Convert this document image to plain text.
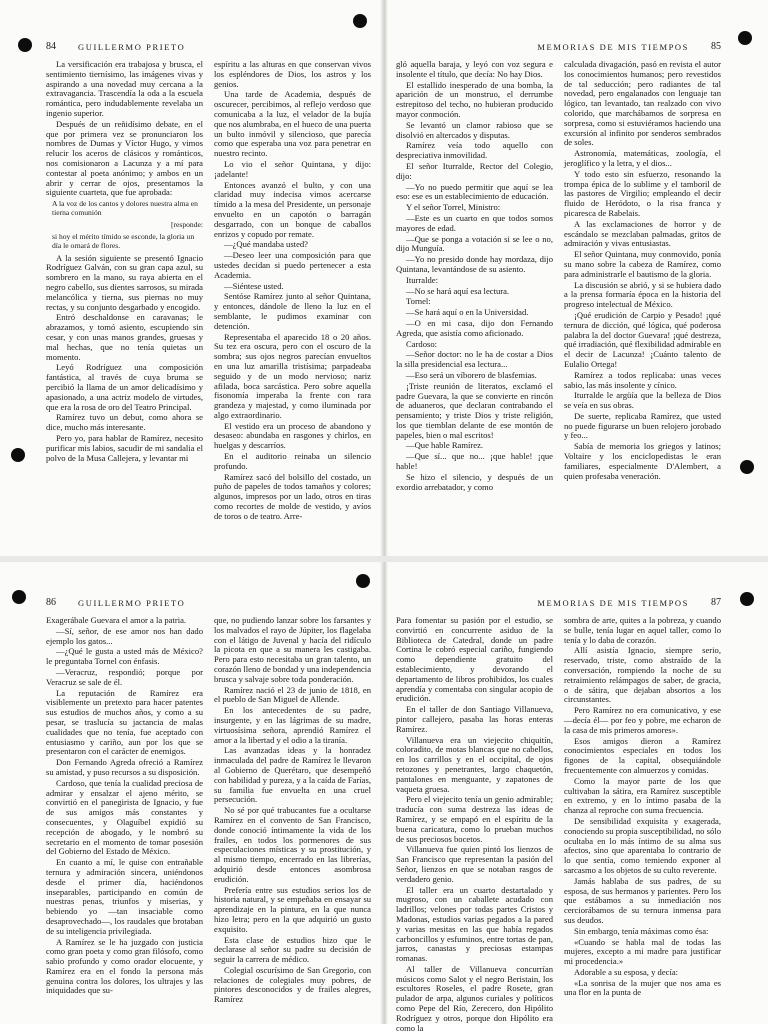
84	GUILLERMO PRIETO

La versificación era trabajosa y brusca, el sentimiento tiernísimo, las imágenes vivas y aspirando a una novedad muy cercana a la extravagancia. Trascendía la oda a la escuela romántica, pero indudablemente revelaba un ingenio superior.

Después de un reñidísimo debate, en el que por primera vez se pronunciaron los nombres de Dumas y Víctor Hugo, y vimos relucir los aceros de clásicos y románticos, nos comisionaron a Lacunza y a mí para contestar al poeta anónimo; y ambos en un abrir y cerrar de ojos, presentamos la siguiente cuarteta, que fue aprobada:

A la voz de los cantos y dolores nuestra alma en tierna comunión

[responde:

si hoy el mérito tímido se esconde, la gloria un día le ornará de flores.

A la sesión siguiente se presentó Ignacio Rodríguez Galván, con su gran capa azul, su sombrero en la mano, su raya abierta en el negro cabello, sus dientes sarrosos, su mirada melancólica y tierna, sus piernas no muy rectas, y su conjunto desgarbado y encogido.

Entró deschaldonse en caravanas; le abrazamos, y tomó asiento, escupiendo sin cesar, y con unas manos grandes, gruesas y mal hechas, que no tenía quietas un momento.

Leyó Rodríguez una composición fantástica, al través de cuya bruma se percibió la llama de un amor delicadísimo y apasionado, a una actriz modelo de virtudes, que era la rosa de oro del Teatro Principal.

Ramírez tuvo un debut, como ahora se dice, mucho más interesante.

Pero yo, para hablar de Ramírez, necesito purificar mis labios, sacudir de mi sandalia el polvo de la Musa Callejera, y levantar mi

espíritu a las alturas en que conservan vivos los espléndores de Dios, los astros y los genios.

Una tarde de Academia, después de oscurecer, percibimos, al reflejo verdoso que comunicaba a la luz, el velador de la bujía que nos alumbraba, en el hueco de una puerta un bulto inmóvil y silencioso, que parecía como que esperaba una voz para penetrar en nuestro recinto.

Lo vio el señor Quintana, y dijo: ¡adelante!

Entonces avanzó el bulto, y con una claridad muy indecisa vimos acercarse tímido a la mesa del Presidente, un personaje envuelto en un capotón o barragán desgarrado, con un bonque de caballos enrizos y copudo por remate.

—¿Qué mandaba usted?

—Deseo leer una composición para que ustedes decidan si puedo pertenecer a esta Academia.

—Siéntese usted.

Sentóse Ramírez junto al señor Quintana, y entonces, dándole de lleno la luz en el semblante, le pudimos examinar con detención.

Representaba el aparecido 18 o 20 años. Su tez era oscura, pero con el oscuro de la sombra; sus ojos negros parecían envueltos en una luz amarilla tristísima; parpadeaba seguido y de un modo nervioso; nariz afilada, boca sarcástica. Pero sobre aquella fisonomía imperaba la frente con rara grandeza y majestad, y como iluminada por algo extraordinario.

El vestido era un proceso de abandono y desaseo: abundaba en rasgones y chirlos, en huelgas y descarríos.

En el auditorio reinaba un silencio profundo.

Ramírez sacó del bolsillo del costado, un puño de papeles de todos tamaños y colores; algunos, impresos por un lado, otros en tiras como recortes de molde de vestido, y avíos de toros o de teatro. Arre-

MEMORIAS DE MIS TIEMPOS 85

gló aquella baraja, y leyó con voz segura e insolente el título, que decía: No hay Dios.

El estallido inesperado de una bomba, la aparición de un monstruo, el derrumbe estrepitoso del techo, no hubieran producido mayor conmoción.

Se levantó un clamor rabioso que se disolvió en altercados y disputas.

Ramírez veía todo aquello con despreciativa inmovilidad.

El señor Iturralde, Rector del Colegio, dijo:

—Yo no puedo permitir que aquí se lea eso: ese es un establecimiento de educación.

Y el señor Torrel, Ministro:

—Este es un cuarto en que todos somos mayores de edad.

—Que se ponga a votación si se lee o no, dijo Munguía.

—Yo no presido donde hay mordaza, dijo Quintana, levantándose de su asiento.

Iturralde:

—No se hará aquí esa lectura.

Tornel:

—Se hará aquí o en la Universidad.

—O en mi casa, dijo don Fernando Agreda, que asistía como aficionado.

Cardoso:

—Señor doctor: no le ha de costar a Dios la silla presidencial esa lectura...

—Eso será un víborero de blasfemias.

¡Triste reunión de literatos, exclamó el padre Guevara, la que se convierte en rincón de aduaneros, que declaran contrabando el pensamiento; y triste Dios y triste religión, los que tiemblan delante de ese montón de papeles, bien o mal escritos!

—Que hable Ramírez.

—Que sí... que no... ¡que hable! ¡que hable!

Se hizo el silencio, y después de un exordio arrebatador, y como

calculada divagación, pasó en revista el autor los conocimientos humanos; pero revestidos de tal seducción; pero radiantes de tal novedad, pero engalanados con lenguaje tan lógico, tan levantado, tan realzado con vivo colorido, que marchábamos de sorpresa en sorpresa, como si estuviéramos haciendo una excursión al infinito por senderos sembrados de soles.

Astronomía, matemáticas, zoología, el jeroglífico y la letra, y el dios...

Y todo esto sin esfuerzo, resonando la trompa épica de lo sublime y el tamboril de las pastores de Virgilio; empleando el decir fluido de Heródoto, o la risa franca y picaresca de Rabelais.

A las exclamaciones de horror y de escándalo se mezclaban palmadas, gritos de admiración y vivas entusiastas.

El señor Quintana, muy conmovido, ponía su mano sobre la cabeza de Ramírez, como para administrarle el bautismo de la gloria.

La discusión se abrió, y si se hubiera dado a la prensa formaría época en la historia del progreso intelectual de México.

¡Qué erudición de Carpio y Pesado! ¡qué ternura de dicción, qué lógica, qué poderosa palabra la del doctor Guevara! ¡qué destreza, qué irradiación, qué flexibilidad admirable en el decir de Lacunza! ¡Cuánto talento de Eulalio Ortega!

Ramírez a todos replicaba: unas veces sabio, las más insolente y cínico.

Iturralde le argüía que la belleza de Dios se veía en sus obras.

De suerte, replicaba Ramírez, que usted no puede figurarse un buen relojero jorobado y feo...

Sabía de memoria los griegos y latinos; Voltaire y los enciclopedistas le eran familiares, especialmente D'Alembert, a quien profesaba veneración.

86	GUILLERMO PRIETO

Exagerábale Guevara el amor a la patria.

—Sí, señor, de ese amor nos han dado ejemplo los gatos...

—¿Qué le gusta a usted más de México? le preguntaba Tornel con énfasis.

—Veracruz, respondió; porque por Veracruz se sale de él.

La reputación de Ramírez era visiblemente un pretexto para hacer patentes sus estudios de muchos años, y como a su pesar, se traslucía su jactancia de malas cualidades que no tenía, fue aceptado con entusiasmo y cariño, aun por los que se presentaron con el carácter de enemigos.

Don Fernando Agreda ofreció a Ramírez su amistad, y puso recursos a su disposición.

Cardoso, que tenía la cualidad preciosa de admirar y ensalzar el ajeno mérito, se convirtió en el panegirista de Ignacio, y fue de sus amigos más constantes y consecuentes, y Olaguíbel expidió su recepción de abogado, y le nombró su secretario en el momento de tomar posesión del Gobierno del Estado de México.

En cuanto a mí, le quise con entrañable ternura y admiración sincera, uniéndonos desde el primer día, haciéndonos inseparables, participando en común de nuestras penas, triunfos y miserias, y bebiendo yo —tan insaciable como desaprovechado—, los raudales que brotaban de su inteligencia privilegiada.

A Ramírez se le ha juzgado con justicia como gran poeta y como gran filósofo, como sabio profundo y como orador elocuente, y Ramírez era en el fondo la persona más genuina contra los dolores, los ultrajes y las iniquidades que su-

que, no pudiendo lanzar sobre los farsantes y los malvados el rayo de Júpiter, los flagelaba con el látigo de Juvenal y hacía del ridículo la picota en que a su manera les castigaba. Pero para esto necesitaba un gran talento, un corazón lleno de bondad y una independencia brusca y salvaje sobre toda ponderación.

Ramírez nació el 23 de junio de 1818, en el pueblo de San Miguel de Allende.

En los antecedentes de su padre, insurgente, y en las lágrimas de su madre, virtuosísima señora, aprendió Ramírez el amor a la libertad y el odio a la tiranía.

Las avanzadas ideas y la honradez inmaculada del padre de Ramírez le llevaron al Gobierno de Querétaro, que desempeñó con habilidad y pureza, y a la caída de Farías, su familia fue envuelta en una cruel persecución.

No sé por qué trabucantes fue a ocultarse Ramírez en el convento de San Francisco, donde conoció íntimamente la vida de los frailes, en todos los pormenores de sus especulaciones místicas y su prostitución, y al mismo tiempo, encerrado en las librerías, adquirió desde entonces asombrosa erudición.

Prefería entre sus estudios serios los de historia natural, y se empeñaba en ensayar su aprendizaje en la pintura, en la que nunca hizo letra; pero en la que adquirió un gusto exquisito.

Esta clase de estudios hizo que le declarase al señor su padre su decisión de seguir la carrera de médico.

Colegial oscurísimo de San Gregorio, con relaciones de colegiales muy pobres, de pintores desconocidos y de frailes alegres, Ramírez

MEMORIAS DE MIS TIEMPOS 87

Para fomentar su pasión por el estudio, se convirtió en concurrente asiduo de la Biblioteca de Catedral, donde un padre Cortina le cobró especial cariño, fungiendo como dependiente gratuito del establecimiento, y devorando el departamento de libros prohibidos, los cuales aprendía y comentaba con singular acopio de erudición.

En el taller de don Santiago Villanueva, pintor callejero, pasaba las horas enteras Ramírez.

Villanueva era un viejecito chiquitín, coloradito, de motas blancas que no cabellos, en los carrillos y en el occipital, de ojos retozones y penetrantes, largo chaquetón, pantalones en menguante, y zapatones de vaqueta gruesa.

Pero el viejecito tenía un genio admirable; traducía con suma destreza las ideas de Ramírez, y se empapó en el espíritu de la buena caricatura, como lo prueban muchos de sus preciosos bocetos.

Villanueva fue quien pintó los lienzos de San Francisco que representan la pasión del Señor, lienzos en que se notaban rasgos de verdadero genio.

El taller era un cuarto destartalado y mugroso, con un caballete acudado con ladrillos; velones por todas partes Cristos y Madonas, estudios varias pegados a la pared y varias mesitas en las que había regados carboncillos y esfuminos, entre tortas de pan, jarros, canastas y preciosas estampas romanas.

Al taller de Villanueva concurrían músicos como Salot y el negro Beristain, los escultores Roseles, el padre Rosete, gran pulador de arpa, algunos curiales y políticos como Pepe del Río, Zerecero, don Hipólito Rodríguez y otros, porque don Hipólito era como la

sombra de arte, quites a la pobreza, y cuando se bulle, tenía lugar en aquel taller, como lo tenía y lo daba de corazón.

Allí asistía Ignacio, siempre serio, reservado, triste, como abstraído de la conversación, rompiendo la noche de su retraimiento relámpagos de saber, de gracia, o de sátira, que dejaban absortos a los circunstantes.

Pero Ramírez no era comunicativo, y ese —decía él— por feo y pobre, me echaron de la casa de mis primeros amores».

Esos amigos dieron a Ramírez conocimientos especiales en todos los figones de la capital, obsequiándole frecuentemente con almuerzos y comidas.

Como la mayor parte de los que cultivaban la sátira, era Ramírez susceptible en extremo, y en lo íntimo pasaba de la chanza al reproche con suma frecuencia.

De sensibilidad exquisita y exagerada, conociendo su propia susceptibilidad, no sólo ocultaba en lo más íntimo de su alma sus afectos, sino que aparentaba lo contrario de lo que sentía, como temiendo exponer al sarcasmo a los objetos de su culto reverente.

Jamás hablaba de sus padres, de su esposa, de sus hermanos y parientes. Pero los que estábamos a su inmediación nos cerciorábamos de su ternura inmensa para sus deudos.

Sin embargo, tenía máximas como ésa:

«Cuando se habla mal de todas las mujeres, excepto a mi madre para justificar mi procedencia.»

Adorable a su esposa, y decía:

«La sonrisa de la mujer que nos ama es una flor en la punta de
